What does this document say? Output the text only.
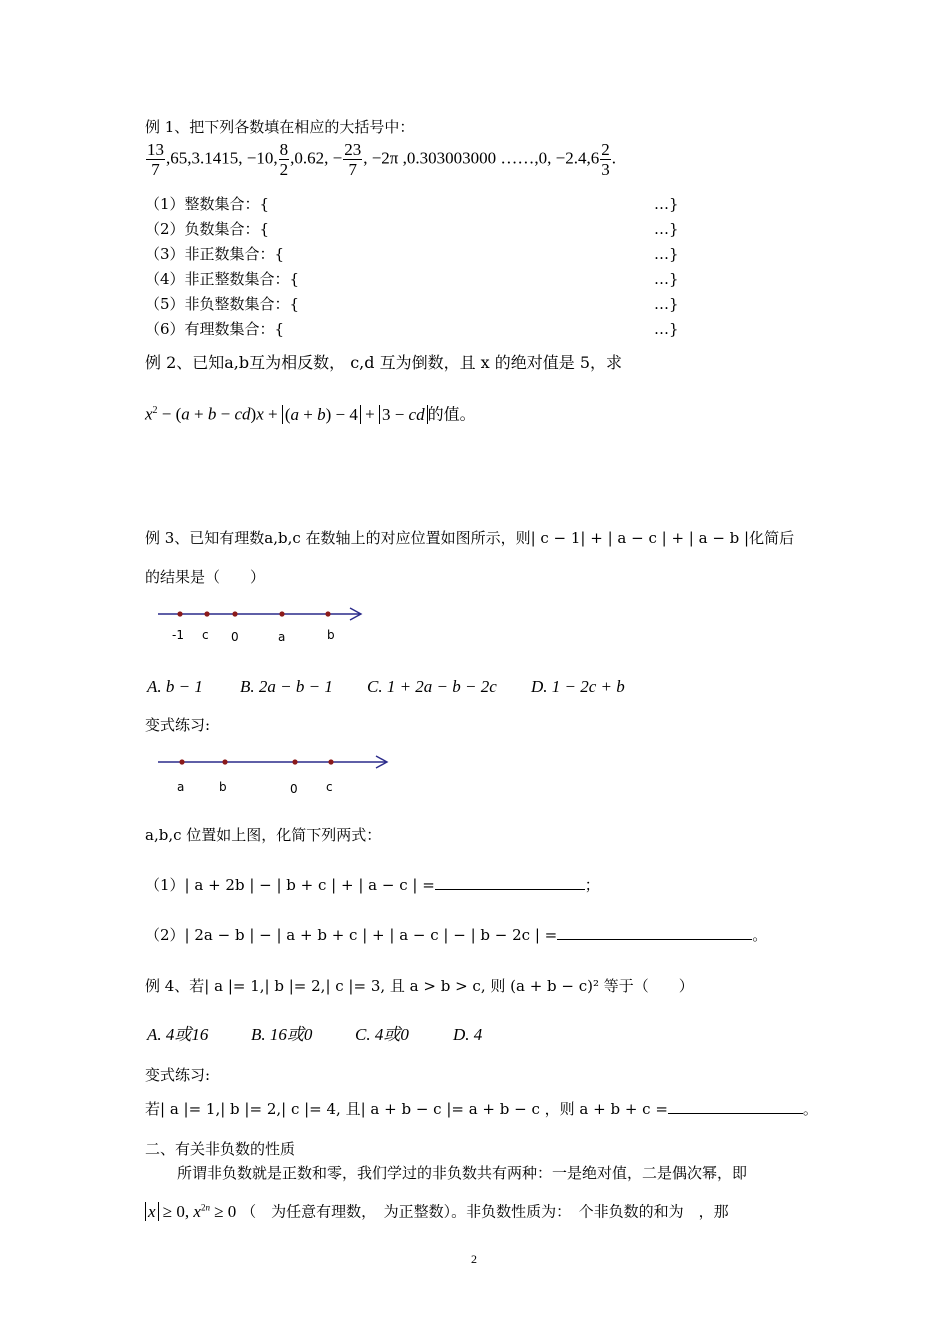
例 1、把下列各数填在相应的大括号中：
$\frac{13}{7} ,65,3.1415$, −10, $\frac{8}{2} ,0.62$, − $\frac{23}{7}$ , −2π ,0.303003000 ……,0, $-2.4,6 \frac{2}{3}$ .
（1）整数集合：{	…}
（2）负数集合：{	…}
（3）非正数集合：{	…}
（4）非正整数集合：{	…}
（5）非负整数集合：{	…}
（6）有理数集合：{	…}
例 2、已知a,b互为相反数， c,d 互为倒数，且 x 的绝对值是 5，求
$x^2 - (a + b - cd)x + (a + b) - 4 + 3$ − cd 的值。
例 3、已知有理数a,b,c 在数轴上的对应位置如图所示，则| c − 1| + | a − c | + | a − b |化简后
的结果是（　　）
-1 c 0	a	b
A. b − 1 B. 2a − b − 1 C. 1 + 2a − b − 2c D. 1 − 2c + b
变式练习:
a	b	0 c
a,b,c 位置如上图，化简下列两式：
（1）| a + 2b | − | b + c | + | a − c | =	；
（2）| 2a − b | − | a + b + c | + | a − c | − | b − 2c | =	。
例 4、若| a |= 1,| b |= 2,| c |= 3, 且 a > b > c, 则 (a + b − c)² 等于（　　）
A. 4或16	B. 16或0	C. 4或0	D. 4
变式练习:
若| a |= 1,| b |= 2,| c |= 4, 且| a + b − c |= a + b − c ，则 a + b + c =	。
二、有关非负数的性质
所谓非负数就是正数和零，我们学过的非负数共有两种：一是绝对值，二是偶次幂，即
x ≥ 0, $x^{2n} \ge 0$ （　为任意有理数，　为正整数）。非负数性质为：　个非负数的和为　，那
2
